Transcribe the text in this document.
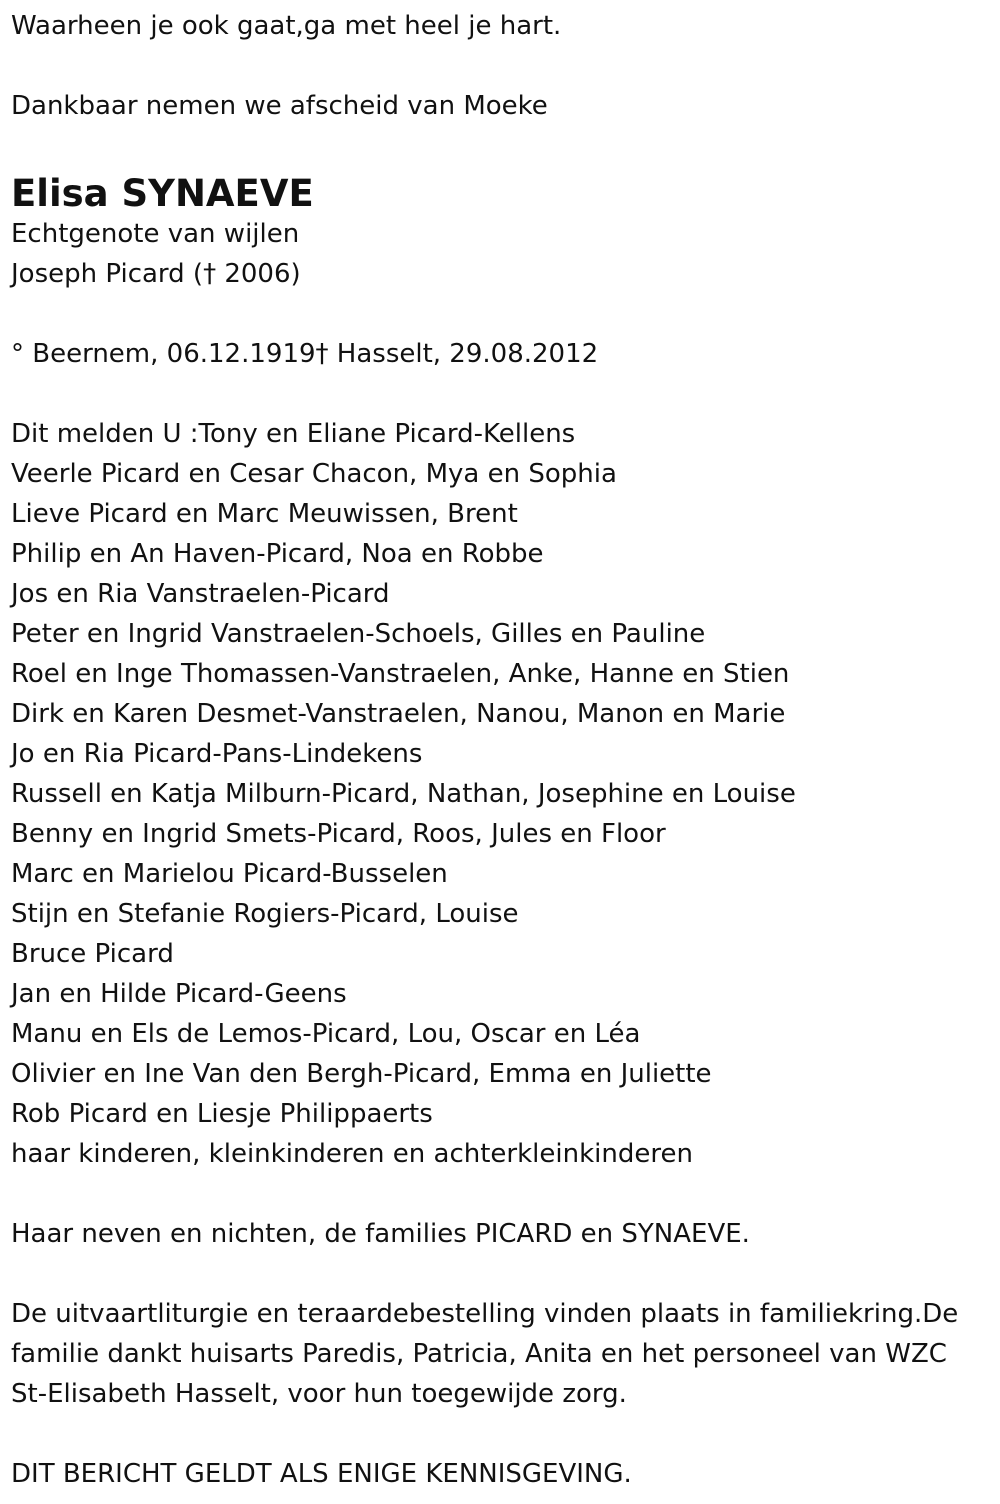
Waarheen je ook gaat,ga met heel je hart.
Dankbaar nemen we afscheid van Moeke
Elisa SYNAEVE
Echtgenote van wijlen
Joseph Picard († 2006)
° Beernem, 06.12.1919† Hasselt, 29.08.2012
Dit melden U :Tony en Eliane Picard-Kellens
Veerle Picard en Cesar Chacon, Mya en Sophia
Lieve Picard en Marc Meuwissen, Brent
Philip en An Haven-Picard, Noa en Robbe
Jos en Ria Vanstraelen-Picard
Peter en Ingrid Vanstraelen-Schoels, Gilles en Pauline
Roel en Inge Thomassen-Vanstraelen, Anke, Hanne en Stien
Dirk en Karen Desmet-Vanstraelen, Nanou, Manon en Marie
Jo en Ria Picard-Pans-Lindekens
Russell en Katja Milburn-Picard, Nathan, Josephine en Louise
Benny en Ingrid Smets-Picard, Roos, Jules en Floor
Marc en Marielou Picard-Busselen
Stijn en Stefanie Rogiers-Picard, Louise
Bruce Picard
Jan en Hilde Picard-Geens
Manu en Els de Lemos-Picard, Lou, Oscar en Léa
Olivier en Ine Van den Bergh-Picard, Emma en Juliette
Rob Picard en Liesje Philippaerts
haar kinderen, kleinkinderen en achterkleinkinderen
Haar neven en nichten, de families PICARD en SYNAEVE.
De uitvaartliturgie en teraardebestelling vinden plaats in familiekring.De
familie dankt huisarts Paredis, Patricia, Anita en het personeel van WZC
St-Elisabeth Hasselt, voor hun toegewijde zorg.
DIT BERICHT GELDT ALS ENIGE KENNISGEVING.
